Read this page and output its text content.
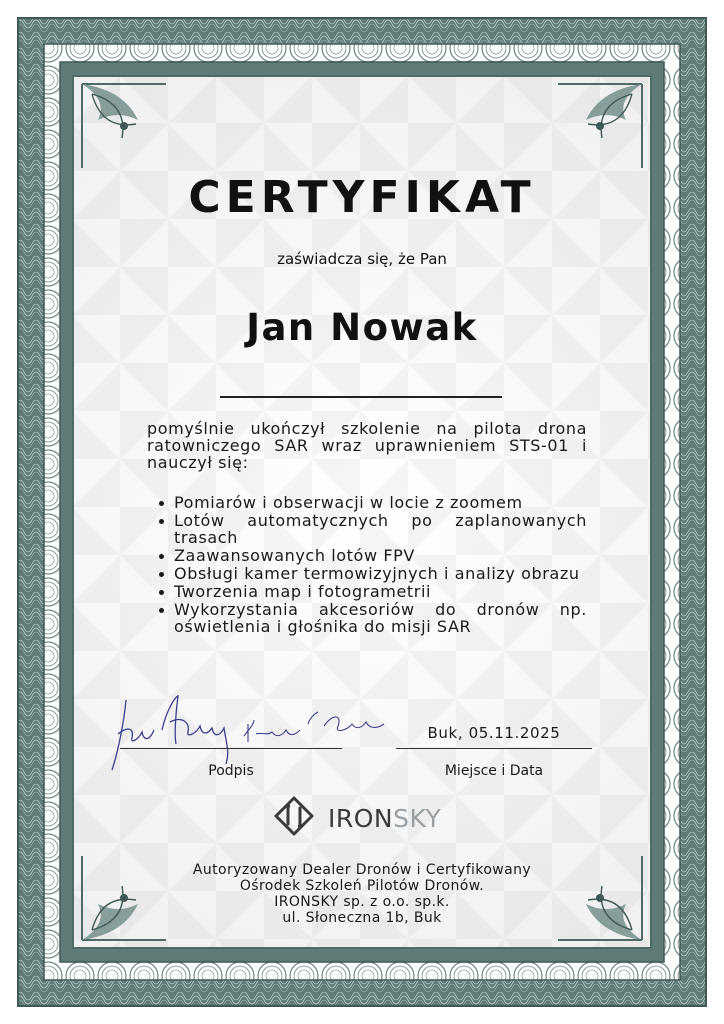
CERTYFIKAT
zaświadcza się, że Pan
Jan Nowak
pomyślnie ukończył szkolenie na pilota drona ratowniczego SAR wraz uprawnieniem STS-01 i nauczył się:
Pomiarów i obserwacji w locie z zoomem
Lotów automatycznych po zaplanowanych trasach
Zaawansowanych lotów FPV
Obsługi kamer termowizyjnych i analizy obrazu
Tworzenia map i fotogrametrii
Wykorzystania akcesoriów do dronów np. oświetlenia i głośnika do misji SAR
Buk, 05.11.2025
Podpis	Miejsce i Data
IRONSKY
Autoryzowany Dealer Dronów i Certyfikowany
Ośrodek Szkoleń Pilotów Dronów.
IRONSKY sp. z o.o. sp.k.
ul. Słoneczna 1b, Buk
